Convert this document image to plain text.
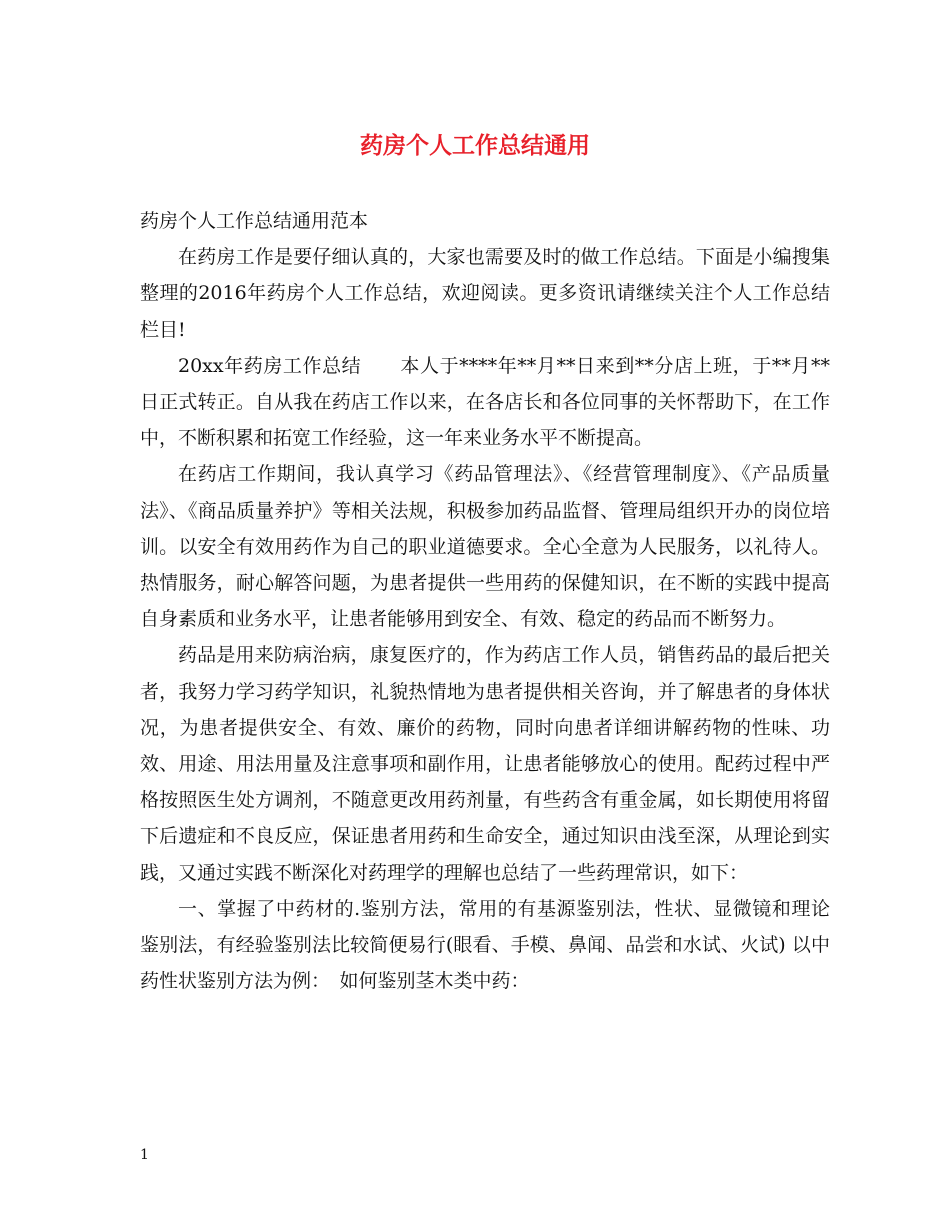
药房个人工作总结通用

药房个人工作总结通用范本

在药房工作是要仔细认真的，大家也需要及时的做工作总结。下面是小编搜集整理的2016年药房个人工作总结，欢迎阅读。更多资讯请继续关注个人工作总结栏目!

20xx年药房工作总结　　本人于****年**月**日来到**分店上班，于**月**日正式转正。自从我在药店工作以来，在各店长和各位同事的关怀帮助下，在工作中，不断积累和拓宽工作经验，这一年来业务水平不断提高。

在药店工作期间，我认真学习《药品管理法》、《经营管理制度》、《产品质量法》、《商品质量养护》等相关法规，积极参加药品监督、管理局组织开办的岗位培训。以安全有效用药作为自己的职业道德要求。全心全意为人民服务，以礼待人。热情服务，耐心解答问题，为患者提供一些用药的保健知识，在不断的实践中提高自身素质和业务水平，让患者能够用到安全、有效、稳定的药品而不断努力。

药品是用来防病治病，康复医疗的，作为药店工作人员，销售药品的最后把关者，我努力学习药学知识，礼貌热情地为患者提供相关咨询，并了解患者的身体状况，为患者提供安全、有效、廉价的药物，同时向患者详细讲解药物的性味、功效、用途、用法用量及注意事项和副作用，让患者能够放心的使用。配药过程中严格按照医生处方调剂，不随意更改用药剂量，有些药含有重金属，如长期使用将留下后遗症和不良反应，保证患者用药和生命安全，通过知识由浅至深，从理论到实践，又通过实践不断深化对药理学的理解也总结了一些药理常识，如下：

一、掌握了中药材的.鉴别方法，常用的有基源鉴别法，性状、显微镜和理论鉴别法，有经验鉴别法比较简便易行(眼看、手模、鼻闻、品尝和水试、火试) 以中药性状鉴别方法为例：　如何鉴别茎木类中药：

1
